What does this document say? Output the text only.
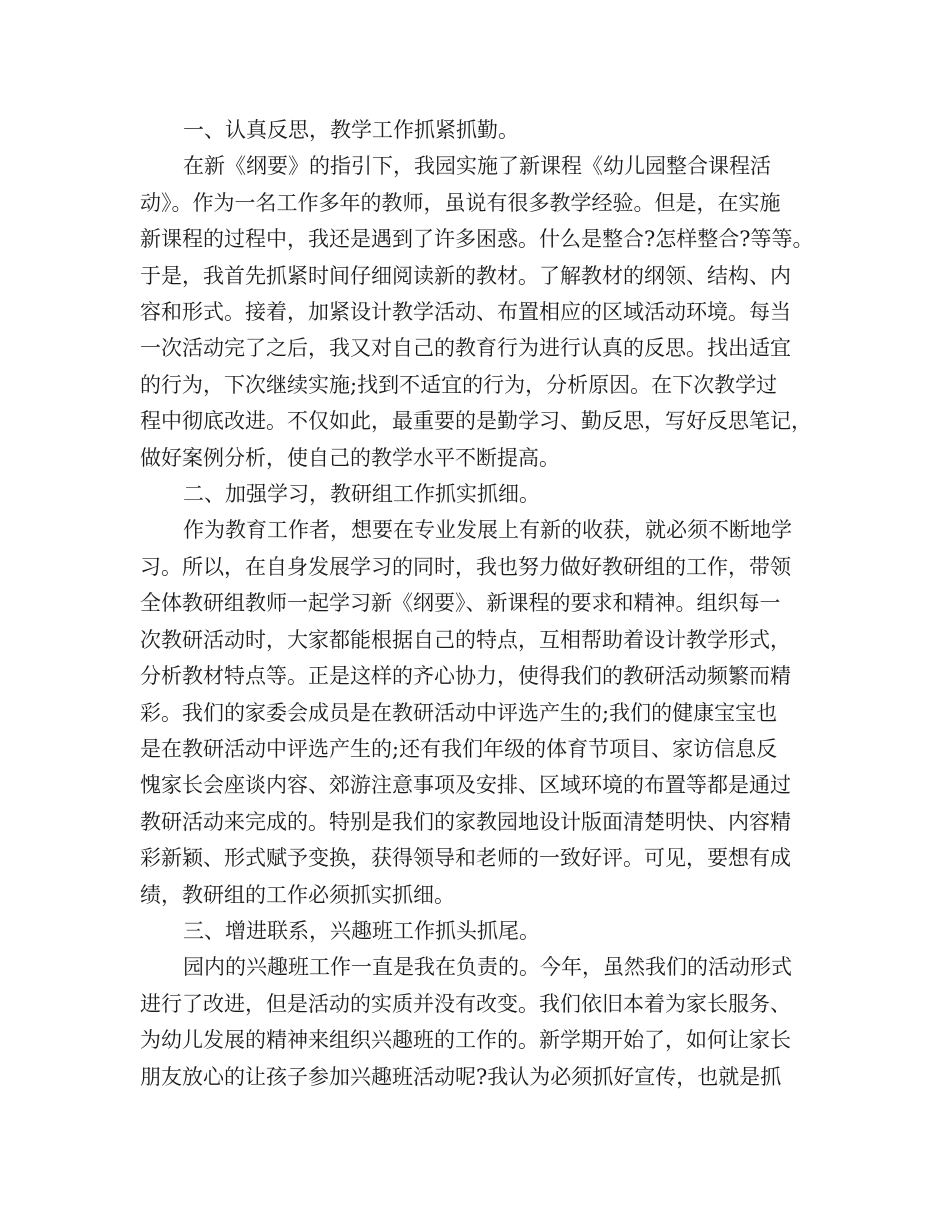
一、认真反思，教学工作抓紧抓勤。

在新《纲要》的指引下，我园实施了新课程《幼儿园整合课程活
动》。作为一名工作多年的教师，虽说有很多教学经验。但是，在实施
新课程的过程中，我还是遇到了许多困惑。什么是整合?怎样整合?等等。
于是，我首先抓紧时间仔细阅读新的教材。了解教材的纲领、结构、内
容和形式。接着，加紧设计教学活动、布置相应的区域活动环境。每当
一次活动完了之后，我又对自己的教育行为进行认真的反思。找出适宜
的行为，下次继续实施;找到不适宜的行为，分析原因。在下次教学过
程中彻底改进。不仅如此，最重要的是勤学习、勤反思，写好反思笔记，
做好案例分析，使自己的教学水平不断提高。

二、加强学习，教研组工作抓实抓细。

作为教育工作者，想要在专业发展上有新的收获，就必须不断地学
习。所以，在自身发展学习的同时，我也努力做好教研组的工作，带领
全体教研组教师一起学习新《纲要》、新课程的要求和精神。组织每一
次教研活动时，大家都能根据自己的特点，互相帮助着设计教学形式，
分析教材特点等。正是这样的齐心协力，使得我们的教研活动频繁而精
彩。我们的家委会成员是在教研活动中评选产生的;我们的健康宝宝也
是在教研活动中评选产生的;还有我们年级的体育节项目、家访信息反
愧家长会座谈内容、郊游注意事项及安排、区域环境的布置等都是通过
教研活动来完成的。特别是我们的家教园地设计版面清楚明快、内容精
彩新颖、形式赋予变换，获得领导和老师的一致好评。可见，要想有成
绩，教研组的工作必须抓实抓细。

三、增进联系，兴趣班工作抓头抓尾。

园内的兴趣班工作一直是我在负责的。今年，虽然我们的活动形式
进行了改进，但是活动的实质并没有改变。我们依旧本着为家长服务、
为幼儿发展的精神来组织兴趣班的工作的。新学期开始了，如何让家长
朋友放心的让孩子参加兴趣班活动呢?我认为必须抓好宣传，也就是抓
